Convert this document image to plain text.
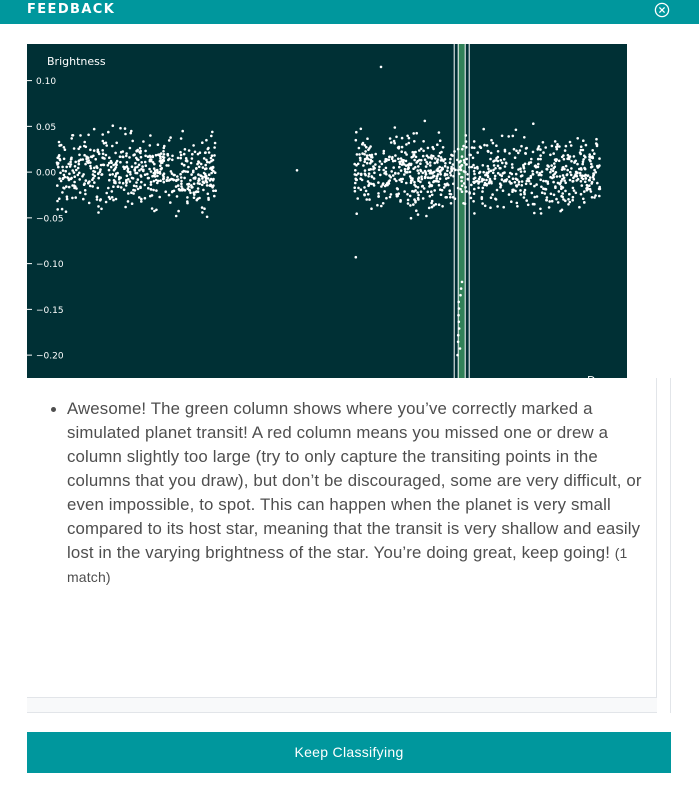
FEEDBACK
0.10
0.05
0.00
−0.05
−0.10
−0.15
−0.20
Brightness
Day
• Awesome! The green column shows where you’ve correctly marked a simulated planet transit! A red column means you missed one or drew a column slightly too large (try to only capture the transiting points in the columns that you draw), but don’t be discouraged, some are very difficult, or even impossible, to spot. This can happen when the planet is very small compared to its host star, meaning that the transit is very shallow and easily lost in the varying brightness of the star. You’re doing great, keep going! (1 match)
Keep Classifying
